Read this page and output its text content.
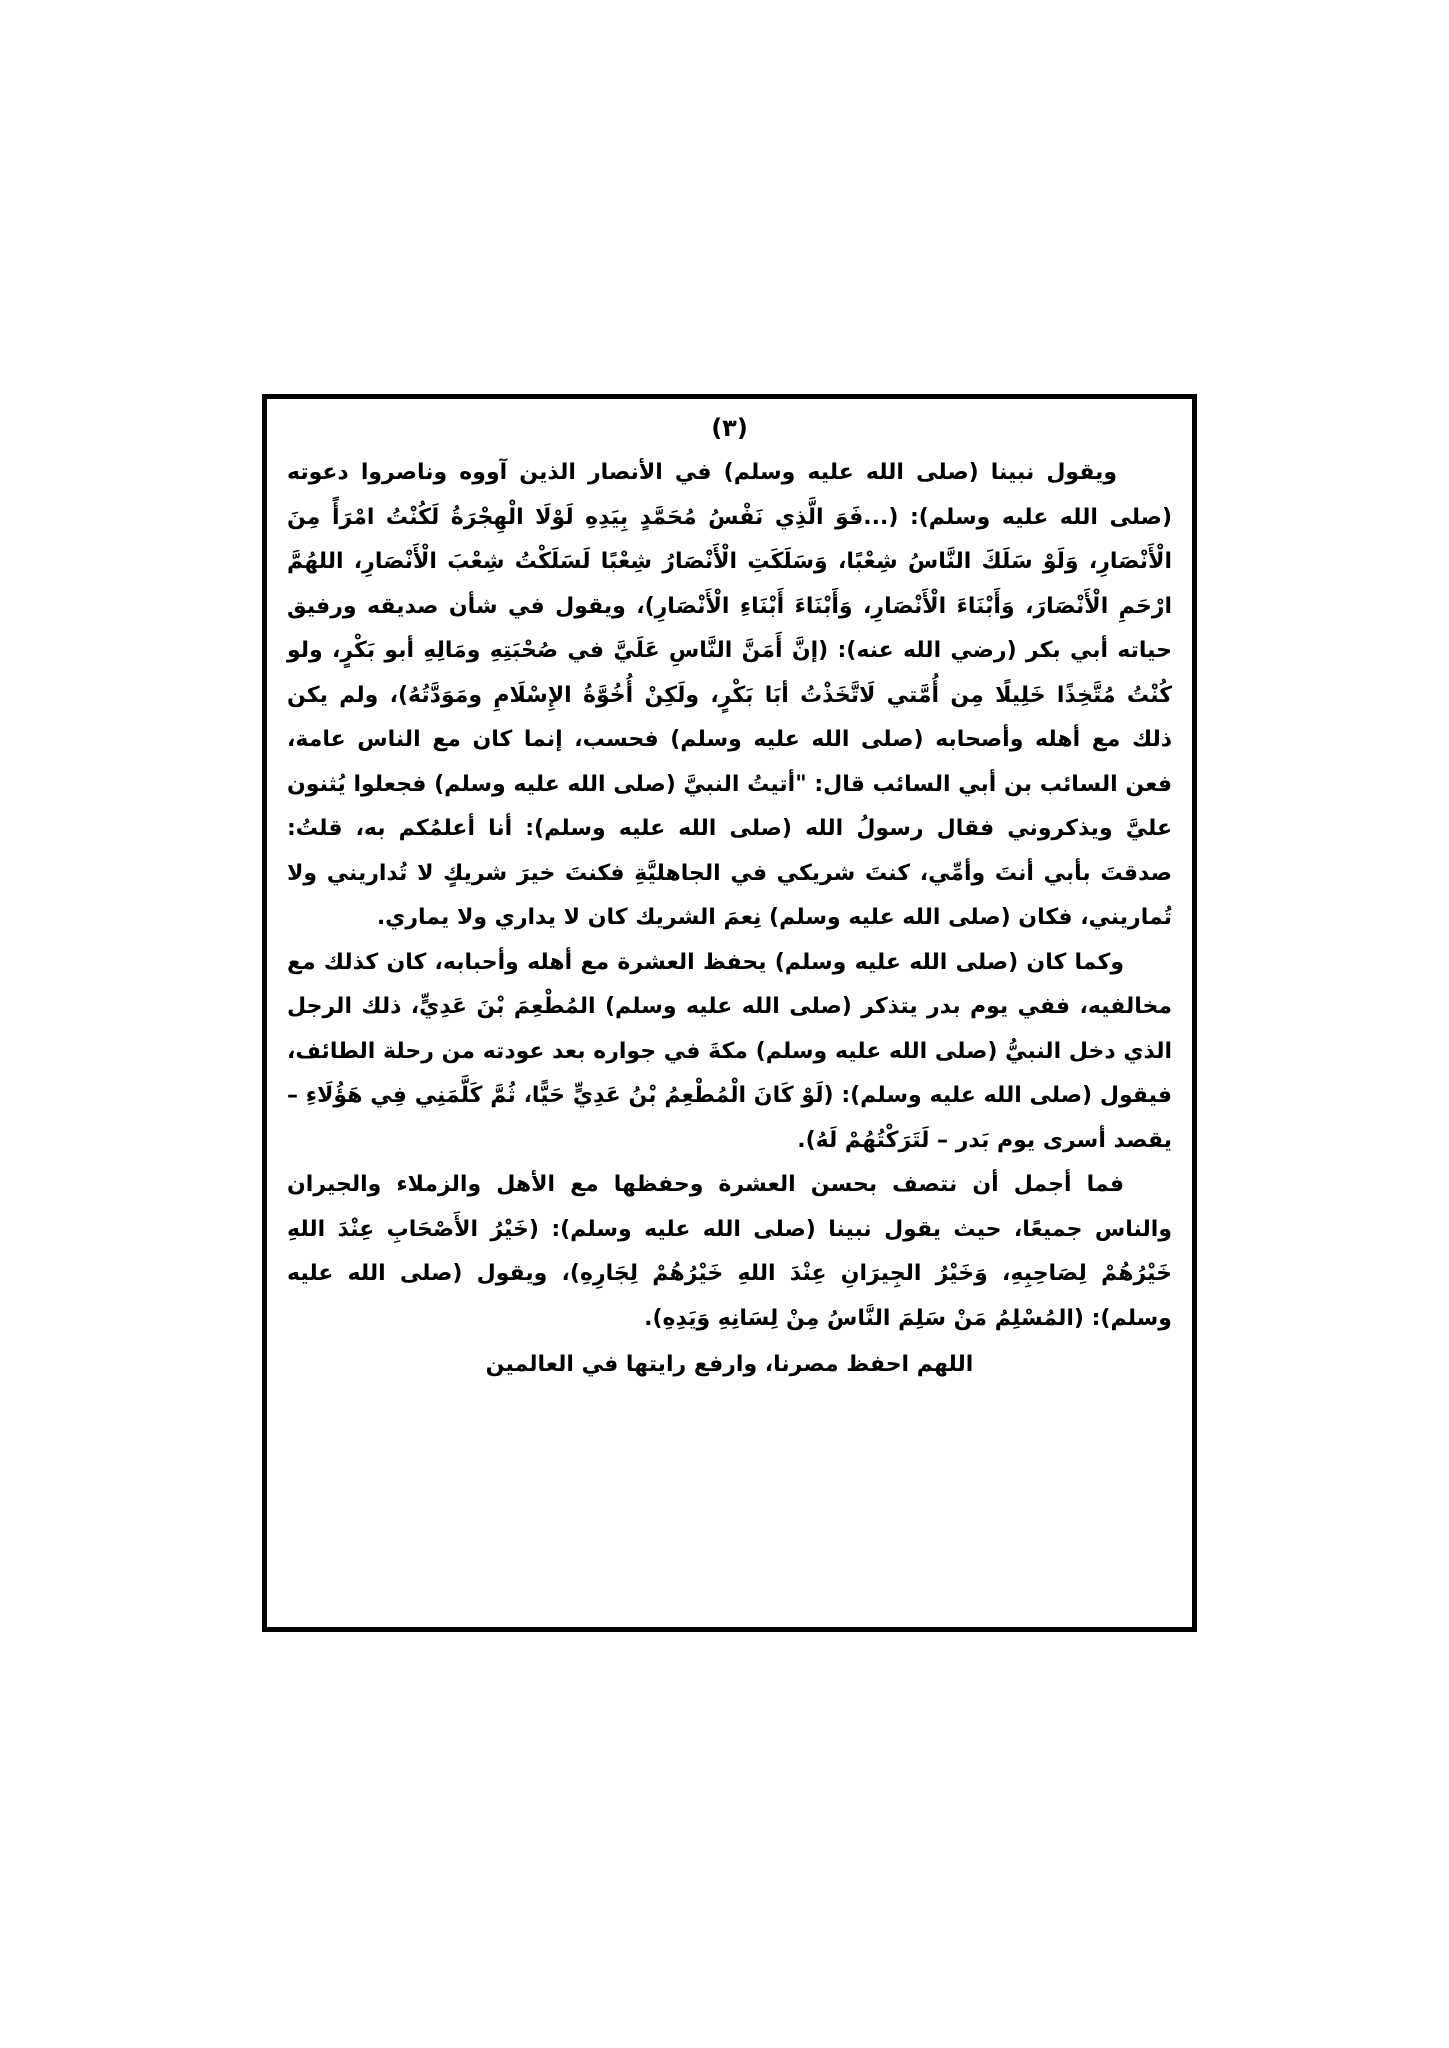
(٣)

ويقول نبينا (صلى الله عليه وسلم) في الأنصار الذين آووه وناصروا دعوته (صلى الله عليه وسلم): (...فَوَ الَّذِي نَفْسُ مُحَمَّدٍ بِيَدِهِ لَوْلَا الْهِجْرَةُ لَكُنْتُ امْرَأً مِنَ الْأَنْصَارِ، وَلَوْ سَلَكَ النَّاسُ شِعْبًا، وَسَلَكَتِ الْأَنْصَارُ شِعْبًا لَسَلَكْتُ شِعْبَ الْأَنْصَارِ، اللهُمَّ ارْحَمِ الْأَنْصَارَ، وَأَبْنَاءَ الْأَنْصَارِ، وَأَبْنَاءَ أَبْنَاءِ الْأَنْصَارِ)، ويقول في شأن صديقه ورفيق حياته أبي بكر (رضي الله عنه): (إنَّ أَمَنَّ النَّاسِ عَلَيَّ في صُحْبَتِهِ ومَالِهِ أبو بَكْرٍ، ولو كُنْتُ مُتَّخِذًا خَلِيلًا مِن أُمَّتي لَاتَّخَذْتُ أبَا بَكْرٍ، ولَكِنْ أُخُوَّةُ الإِسْلَامِ ومَوَدَّتُهُ)، ولم يكن ذلك مع أهله وأصحابه (صلى الله عليه وسلم) فحسب، إنما كان مع الناس عامة، فعن السائب بن أبي السائب قال: "أتيتُ النبيَّ (صلى الله عليه وسلم) فجعلوا يُثنون عليَّ ويذكروني فقال رسولُ الله (صلى الله عليه وسلم): أنا أعلمُكم به، قلتُ: صدقتَ بأبي أنتَ وأمِّي، كنتَ شريكي في الجاهليَّةِ فكنتَ خيرَ شريكٍ لا تُداريني ولا تُماريني، فكان (صلى الله عليه وسلم) نِعمَ الشريك كان لا يداري ولا يماري.

وكما كان (صلى الله عليه وسلم) يحفظ العشرة مع أهله وأحبابه، كان كذلك مع مخالفيه، ففي يوم بدر يتذكر (صلى الله عليه وسلم) المُطْعِمَ بْنَ عَدِيٍّ، ذلك الرجل الذي دخل النبيُّ (صلى الله عليه وسلم) مكةَ في جواره بعد عودته من رحلة الطائف، فيقول (صلى الله عليه وسلم): (لَوْ كَانَ الْمُطْعِمُ بْنُ عَدِيٍّ حَيًّا، ثُمَّ كَلَّمَنِي فِي هَؤُلَاءِ – يقصد أسرى يوم بَدر – لَتَرَكْتُهُمْ لَهُ).

فما أجمل أن نتصف بحسن العشرة وحفظها مع الأهل والزملاء والجيران والناس جميعًا، حيث يقول نبينا (صلى الله عليه وسلم): (خَيْرُ الأَصْحَابِ عِنْدَ اللهِ خَيْرُهُمْ لِصَاحِبِهِ، وَخَيْرُ الجِيرَانِ عِنْدَ اللهِ خَيْرُهُمْ لِجَارِهِ)، ويقول (صلى الله عليه وسلم): (المُسْلِمُ مَنْ سَلِمَ النَّاسُ مِنْ لِسَانِهِ وَيَدِهِ).

اللهم احفظ مصرنا، وارفع رايتها في العالمين
